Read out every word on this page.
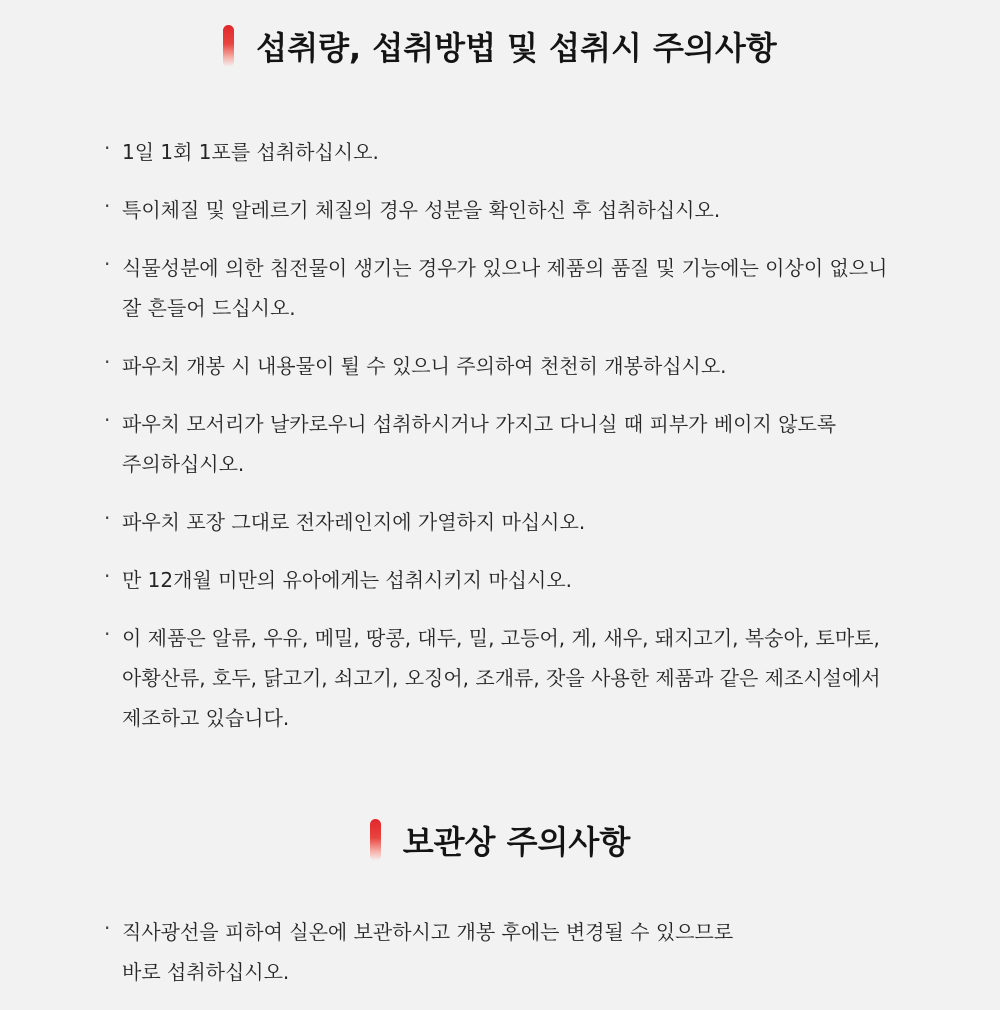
섭취량, 섭취방법 및 섭취시 주의사항
· 1일 1회 1포를 섭취하십시오.
· 특이체질 및 알레르기 체질의 경우 성분을 확인하신 후 섭취하십시오.
· 식물성분에 의한 침전물이 생기는 경우가 있으나 제품의 품질 및 기능에는 이상이 없으니
잘 흔들어 드십시오.
· 파우치 개봉 시 내용물이 튈 수 있으니 주의하여 천천히 개봉하십시오.
· 파우치 모서리가 날카로우니 섭취하시거나 가지고 다니실 때 피부가 베이지 않도록
주의하십시오.
· 파우치 포장 그대로 전자레인지에 가열하지 마십시오.
· 만 12개월 미만의 유아에게는 섭취시키지 마십시오.
· 이 제품은 알류, 우유, 메밀, 땅콩, 대두, 밀, 고등어, 게, 새우, 돼지고기, 복숭아, 토마토,
아황산류, 호두, 닭고기, 쇠고기, 오징어, 조개류, 잣을 사용한 제품과 같은 제조시설에서
제조하고 있습니다.
보관상 주의사항
· 직사광선을 피하여 실온에 보관하시고 개봉 후에는 변경될 수 있으므로
바로 섭취하십시오.
